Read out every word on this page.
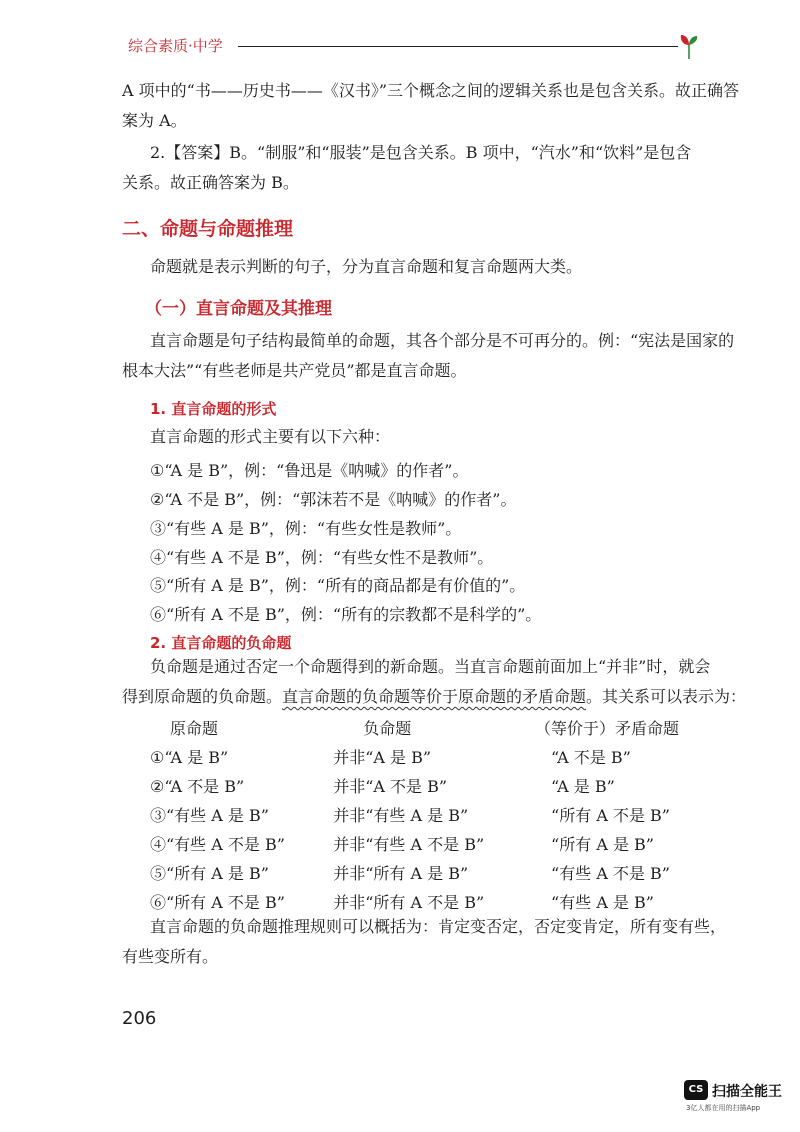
综合素质·中学

A 项中的“书——历史书——《汉书》”三个概念之间的逻辑关系也是包含关系。故正确答

案为 A。

2.【答案】B。“制服”和“服装”是包含关系。B 项中，“汽水”和“饮料”是包含

关系。故正确答案为 B。

二、命题与命题推理

命题就是表示判断的句子，分为直言命题和复言命题两大类。

（一）直言命题及其推理

直言命题是句子结构最简单的命题，其各个部分是不可再分的。例：“宪法是国家的

根本大法”“有些老师是共产党员”都是直言命题。

1. 直言命题的形式

直言命题的形式主要有以下六种：

①“A 是 B”，例：“鲁迅是《呐喊》的作者”。

②“A 不是 B”，例：“郭沫若不是《呐喊》的作者”。

③“有些 A 是 B”，例：“有些女性是教师”。

④“有些 A 不是 B”，例：“有些女性不是教师”。

⑤“所有 A 是 B”，例：“所有的商品都是有价值的”。

⑥“所有 A 不是 B”，例：“所有的宗教都不是科学的”。

2. 直言命题的负命题

负命题是通过否定一个命题得到的新命题。当直言命题前面加上“并非”时，就会

得到原命题的负命题。直言命题的负命题等价于原命题的矛盾命题。其关系可以表示为：

原命题	负命题	（等价于）矛盾命题
①“A 是 B”	并非“A 是 B”	“A 不是 B”
②“A 不是 B”	并非“A 不是 B”	“A 是 B”
③“有些 A 是 B”	并非“有些 A 是 B”	“所有 A 不是 B”
④“有些 A 不是 B”	并非“有些 A 不是 B”	“所有 A 是 B”
⑤“所有 A 是 B”	并非“所有 A 是 B”	“有些 A 不是 B”
⑥“所有 A 不是 B”	并非“所有 A 不是 B”	“有些 A 是 B”

直言命题的负命题推理规则可以概括为：肯定变否定，否定变肯定，所有变有些，

有些变所有。

206

CS 扫描全能王
3亿人都在用的扫描App
